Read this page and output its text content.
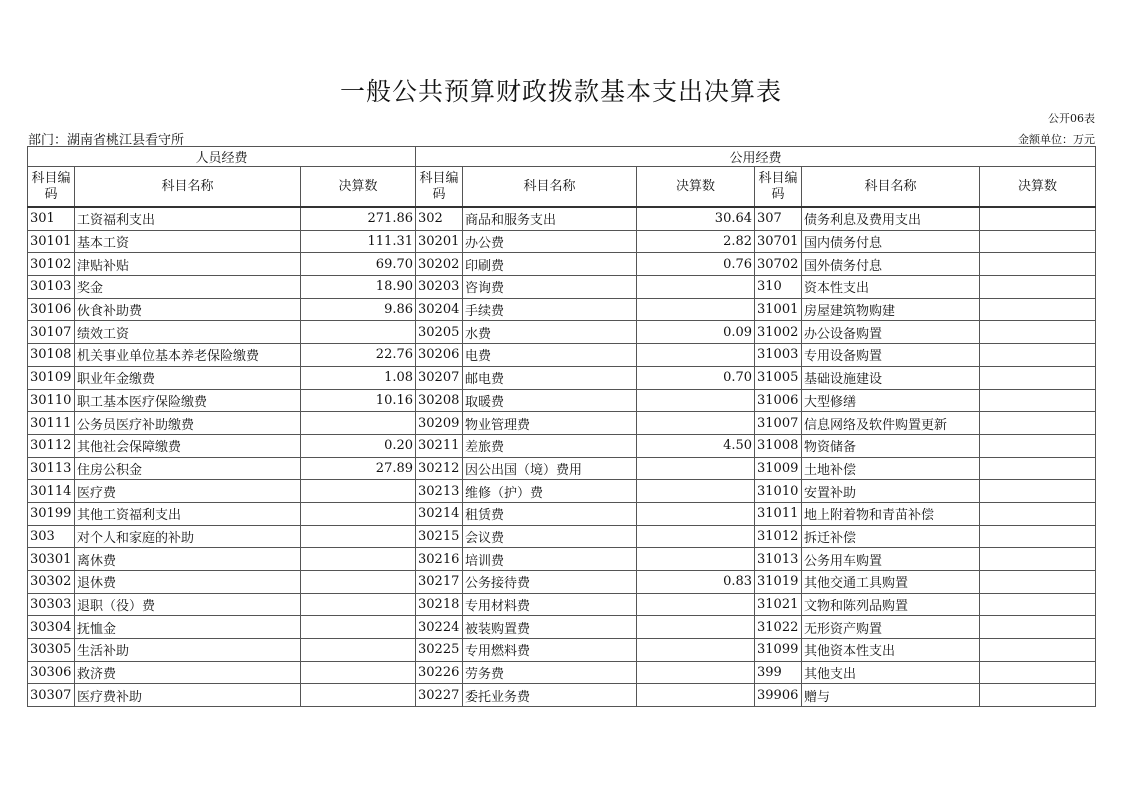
一般公共预算财政拨款基本支出决算表
公开06表
部门：湖南省桃江县看守所	金额单位：万元
人员经费			公用经费					
科目编码	科目名称	决算数	科目编码	科目名称	决算数	科目编码	科目名称	决算数
301	工资福利支出	271.86	302	商品和服务支出	30.64	307	债务利息及费用支出	
30101	基本工资	111.31	30201	办公费	2.82	30701	国内债务付息	
30102	津贴补贴	69.70	30202	印刷费	0.76	30702	国外债务付息	
30103	奖金	18.90	30203	咨询费		310	资本性支出	
30106	伙食补助费	9.86	30204	手续费		31001	房屋建筑物购建	
30107	绩效工资		30205	水费	0.09	31002	办公设备购置	
30108	机关事业单位基本养老保险缴费	22.76	30206	电费		31003	专用设备购置	
30109	职业年金缴费	1.08	30207	邮电费	0.70	31005	基础设施建设	
30110	职工基本医疗保险缴费	10.16	30208	取暖费		31006	大型修缮	
30111	公务员医疗补助缴费		30209	物业管理费		31007	信息网络及软件购置更新	
30112	其他社会保障缴费	0.20	30211	差旅费	4.50	31008	物资储备	
30113	住房公积金	27.89	30212	因公出国（境）费用		31009	土地补偿	
30114	医疗费		30213	维修（护）费		31010	安置补助	
30199	其他工资福利支出		30214	租赁费		31011	地上附着物和青苗补偿	
303	对个人和家庭的补助		30215	会议费		31012	拆迁补偿	
30301	离休费		30216	培训费		31013	公务用车购置	
30302	退休费		30217	公务接待费	0.83	31019	其他交通工具购置	
30303	退职（役）费		30218	专用材料费		31021	文物和陈列品购置	
30304	抚恤金		30224	被装购置费		31022	无形资产购置	
30305	生活补助		30225	专用燃料费		31099	其他资本性支出	
30306	救济费		30226	劳务费		399	其他支出	
30307	医疗费补助		30227	委托业务费		39906	赠与	
